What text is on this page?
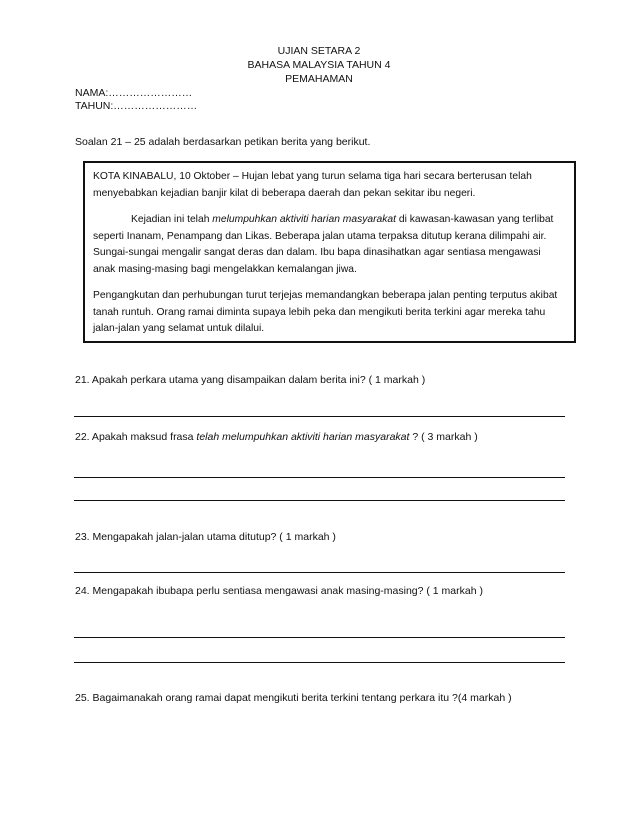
UJIAN SETARA 2
BAHASA MALAYSIA TAHUN 4
PEMAHAMAN
NAMA:……………………
TAHUN:……………………
Soalan 21 – 25 adalah berdasarkan petikan berita yang berikut.

KOTA KINABALU, 10 Oktober – Hujan lebat yang turun selama tiga hari secara berterusan telah menyebabkan kejadian banjir kilat di beberapa daerah dan pekan sekitar ibu negeri.

Kejadian ini telah melumpuhkan aktiviti harian masyarakat di kawasan-kawasan yang terlibat seperti Inanam, Penampang dan Likas. Beberapa jalan utama terpaksa ditutup kerana dilimpahi air. Sungai-sungai mengalir sangat deras dan dalam. Ibu bapa dinasihatkan agar sentiasa mengawasi anak masing-masing bagi mengelakkan kemalangan jiwa.

Pengangkutan dan perhubungan turut terjejas memandangkan beberapa jalan penting terputus akibat tanah runtuh. Orang ramai diminta supaya lebih peka dan mengikuti berita terkini agar mereka tahu jalan-jalan yang selamat untuk dilalui.

21. Apakah perkara utama yang disampaikan dalam berita ini? ( 1 markah )
22. Apakah maksud frasa telah melumpuhkan aktiviti harian masyarakat ? ( 3 markah )
23. Mengapakah jalan-jalan utama ditutup? ( 1 markah )
24. Mengapakah ibubapa perlu sentiasa mengawasi anak masing-masing? ( 1 markah )
25. Bagaimanakah orang ramai dapat mengikuti berita terkini tentang perkara itu ?(4 markah )
